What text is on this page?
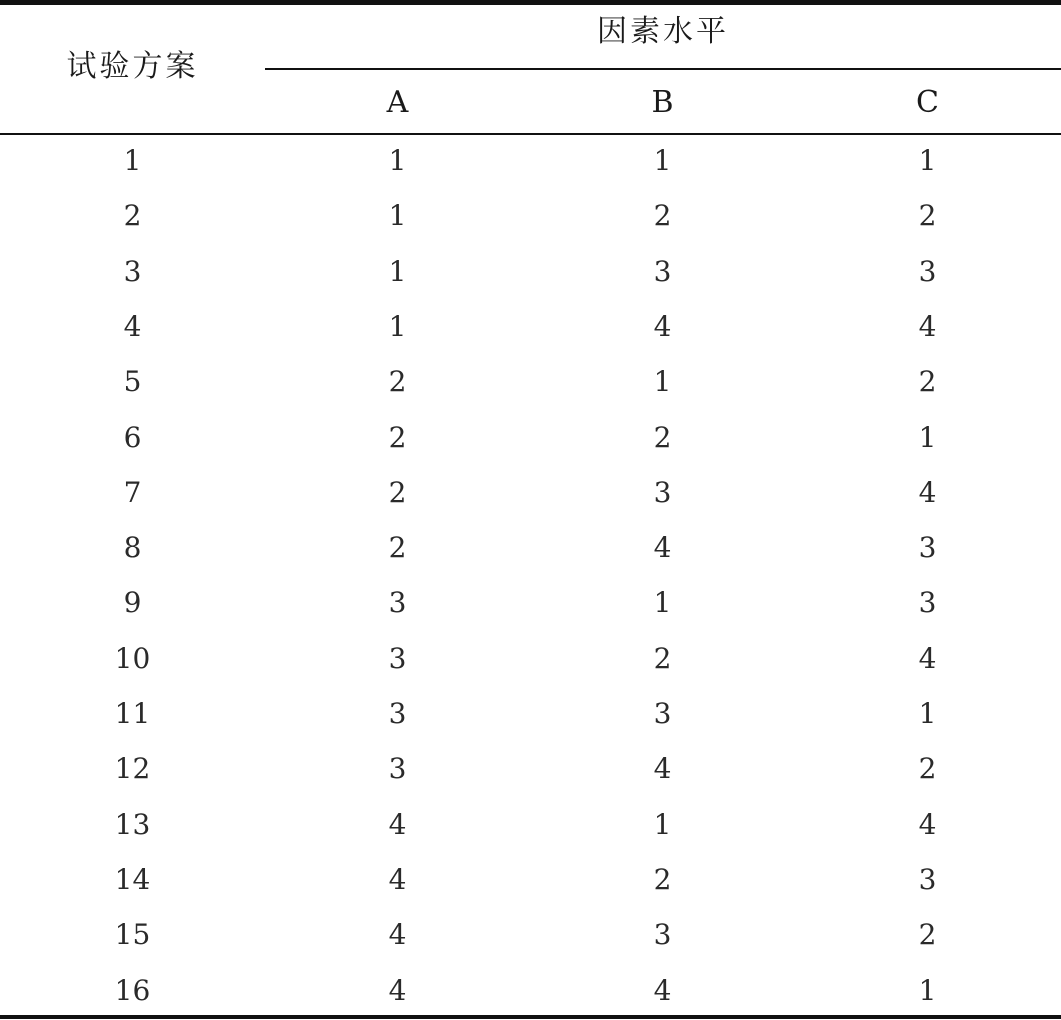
试验方案
因素水平
A	B	C
1	1	1	1
2	1	2	2
3	1	3	3
4	1	4	4
5	2	1	2
6	2	2	1
7	2	3	4
8	2	4	3
9	3	1	3
10	3	2	4
11	3	3	1
12	3	4	2
13	4	1	4
14	4	2	3
15	4	3	2
16	4	4	1
